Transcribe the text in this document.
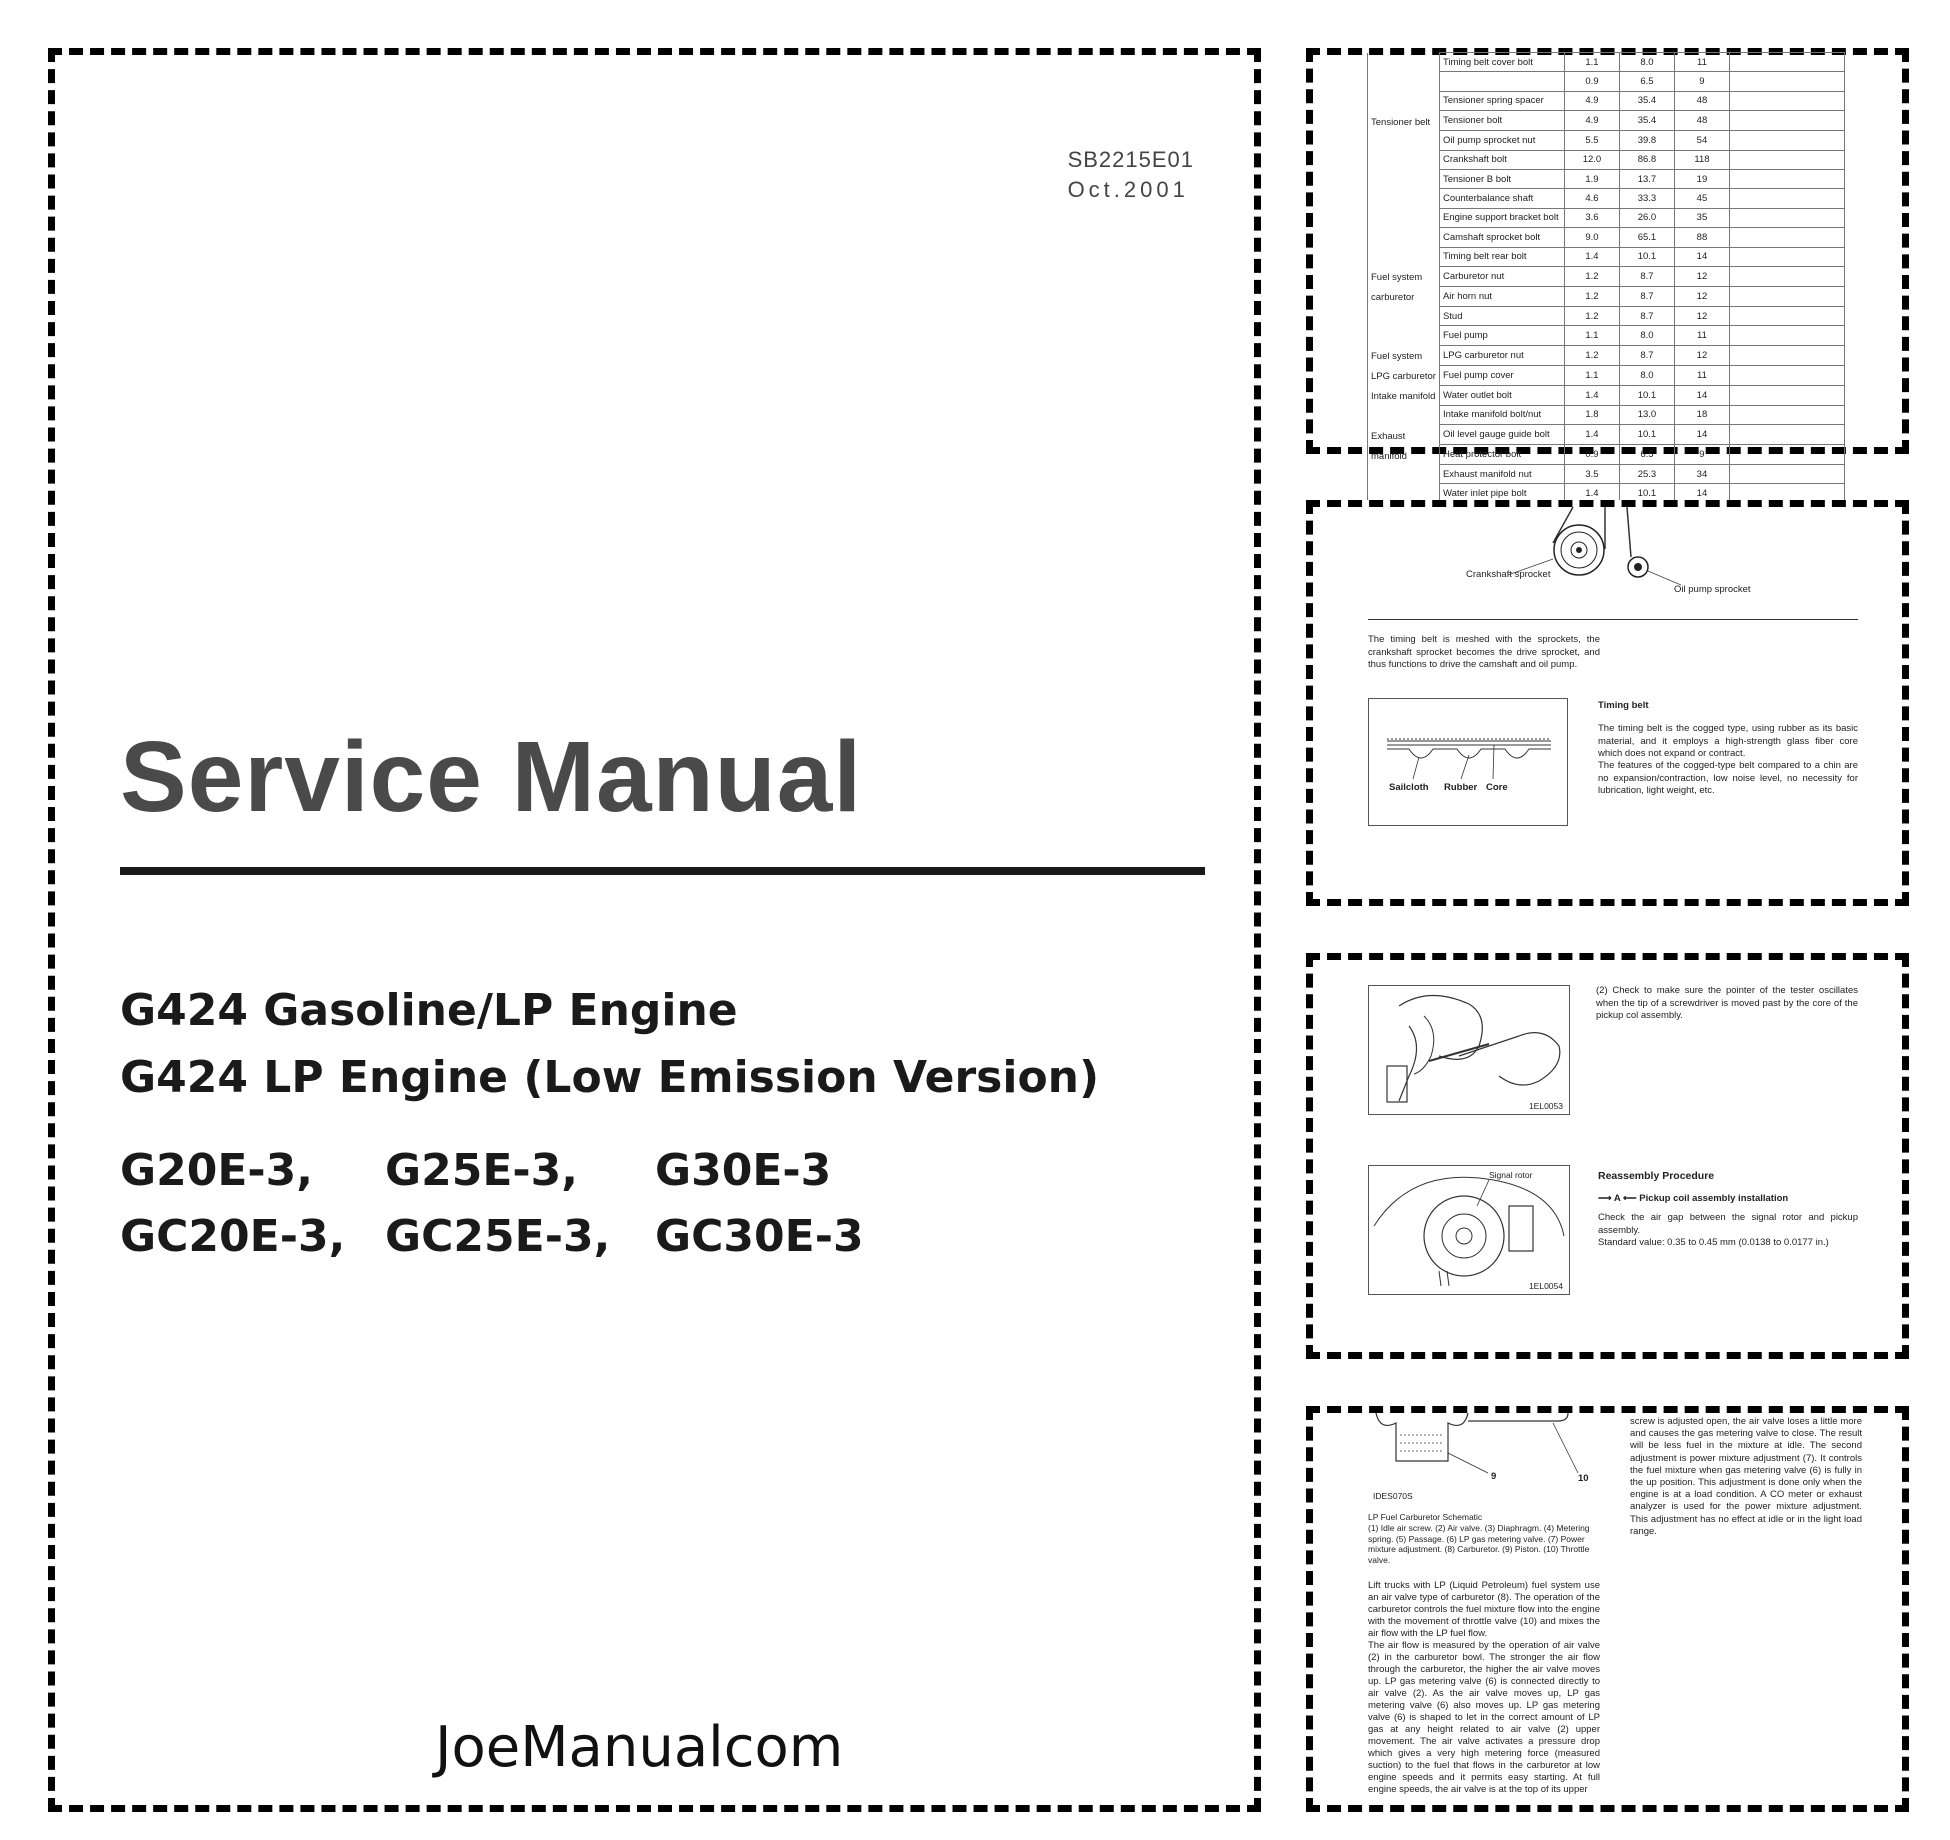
SB2215E01
Oct.2001
Service Manual
G424 Gasoline/LP Engine
G424 LP Engine (Low Emission Version)
G20E-3,	G25E-3,	G30E-3
GC20E-3, GC25E-3,	GC30E-3
JoeManualcom
	Timing belt cover bolt	1.1	8.0	11	
		0.9	6.5	9	
	Tensioner spring spacer	4.9	35.4	48	
Tensioner belt	Tensioner bolt	4.9	35.4	48	
	Oil pump sprocket nut	5.5	39.8	54	
	Crankshaft bolt	12.0	86.8	118	
	Tensioner B bolt	1.9	13.7	19	
	Counterbalance shaft	4.6	33.3	45	
	Engine support bracket bolt	3.6	26.0	35	
	Camshaft sprocket bolt	9.0	65.1	88	
	Timing belt rear bolt	1.4	10.1	14	
Fuel system	Carburetor nut	1.2	8.7	12	
carburetor	Air horn nut	1.2	8.7	12	
	Stud	1.2	8.7	12	
	Fuel pump	1.1	8.0	11	
Fuel system	LPG carburetor nut	1.2	8.7	12	
LPG carburetor	Fuel pump cover	1.1	8.0	11	
Intake manifold	Water outlet bolt	1.4	10.1	14	
	Intake manifold bolt/nut	1.8	13.0	18	
Exhaust	Oil level gauge guide bolt	1.4	10.1	14	
manifold	Heat protector bolt	0.9	6.5	9	
	Exhaust manifold nut	3.5	25.3	34	
	Water inlet pipe bolt	1.4	10.1	14	
Crankshaft sprocket
Oil pump sprocket
The timing belt is meshed with the sprockets, the crankshaft sprocket becomes the drive sprocket, and thus functions to drive the camshaft and oil pump.
Sailcloth Rubber Core
Timing belt
The timing belt is the cogged type, using rubber as its basic material, and it employs a high-strength glass fiber core which does not expand or contract.
The features of the cogged-type belt compared to a chin are no expansion/contraction, low noise level, no necessity for lubrication, light weight, etc.
1EL0053
(2) Check to make sure the pointer of the tester oscillates when the tip of a screwdriver is moved past by the core of the pickup col assembly.
Signal rotor
1EL0054
Reassembly Procedure
⟶ A ⟵ Pickup coil assembly installation
Check the air gap between the signal rotor and pickup assembly.
Standard value: 0.35 to 0.45 mm (0.0138 to 0.0177 in.)
9	10
IDES070S
LP Fuel Carburetor Schematic
(1) Idle air screw. (2) Air valve. (3) Diaphragm. (4) Metering spring. (5) Passage. (6) LP gas metering valve. (7) Power mixture adjustment. (8) Carburetor. (9) Piston. (10) Throttle valve.
Lift trucks with LP (Liquid Petroleum) fuel system use an air valve type of carburetor (8). The operation of the carburetor controls the fuel mixture flow into the engine with the movement of throttle valve (10) and mixes the air flow with the LP fuel flow.
The air flow is measured by the operation of air valve (2) in the carburetor bowl. The stronger the air flow through the carburetor, the higher the air valve moves up. LP gas metering valve (6) is connected directly to air valve (2). As the air valve moves up, LP gas metering valve (6) also moves up. LP gas metering valve (6) is shaped to let in the correct amount of LP gas at any height related to air valve (2) upper movement. The air valve activates a pressure drop which gives a very high metering force (measured suction) to the fuel that flows in the carburetor at low engine speeds and it permits easy starting. At full engine speeds, the air valve is at the top of its upper
screw is adjusted open, the air valve loses a little more and causes the gas metering valve to close. The result will be less fuel in the mixture at idle. The second adjustment is power mixture adjustment (7). It controls the fuel mixture when gas metering valve (6) is fully in the up position. This adjustment is done only when the engine is at a load condition. A CO meter or exhaust analyzer is used for the power mixture adjustment. This adjustment has no effect at idle or in the light load range.
